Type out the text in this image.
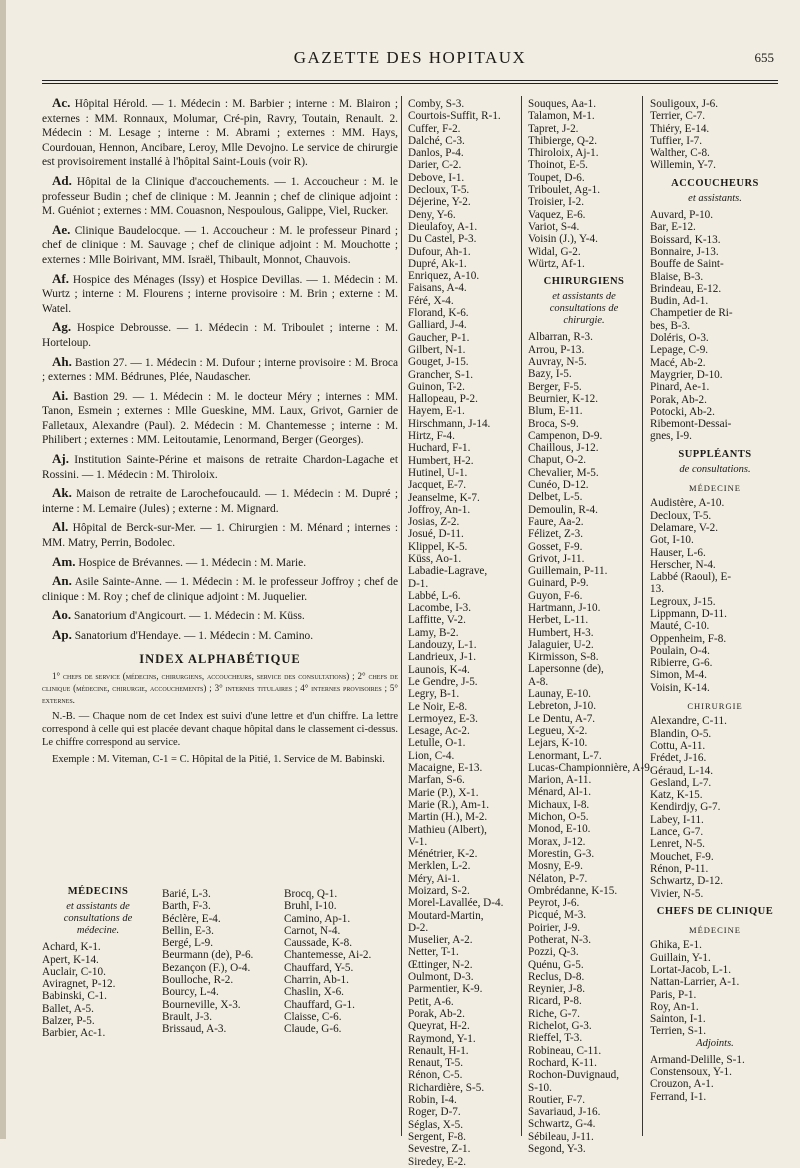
GAZETTE DES HOPITAUX	655

Ac. Hôpital Hérold. — 1. Médecin : M. Barbier ; interne : M. Blairon ; externes : MM. Ronnaux, Molumar, Cré-pin, Ravry, Toutain, Renault. 2. Médecin : M. Lesage ; interne : M. Abrami ; externes : MM. Hays, Courdouan, Hennon, Ancibare, Leroy, Mlle Devojno. Le service de chirurgie est provisoirement installé à l'hôpital Saint-Louis (voir R).

Ad. Hôpital de la Clinique d'accouchements. — 1. Accoucheur : M. le professeur Budin ; chef de clinique : M. Jeannin ; chef de clinique adjoint : M. Guéniot ; externes : MM. Couasnon, Nespoulous, Galippe, Viel, Rucker.

Ae. Clinique Baudelocque. — 1. Accoucheur : M. le professeur Pinard ; chef de clinique : M. Sauvage ; chef de clinique adjoint : M. Mouchotte ; externes : Mlle Boirivant, MM. Israël, Thibault, Monnot, Chauvois.

Af. Hospice des Ménages (Issy) et Hospice Devillas. — 1. Médecin : M. Wurtz ; interne : M. Flourens ; interne provisoire : M. Brin ; externe : M. Watel.

Ag. Hospice Debrousse. — 1. Médecin : M. Triboulet ; interne : M. Horteloup.

Ah. Bastion 27. — 1. Médecin : M. Dufour ; interne provisoire : M. Broca ; externes : MM. Bédrunes, Plée, Naudascher.

Ai. Bastion 29. — 1. Médecin : M. le docteur Méry ; internes : MM. Tanon, Esmein ; externes : Mlle Gueskine, MM. Laux, Grivot, Garnier de Falletaux, Alexandre (Paul). 2. Médecin : M. Chantemesse ; interne : M. Philibert ; externes : MM. Leitoutamie, Lenormand, Berger (Georges).

Aj. Institution Sainte-Périne et maisons de retraite Chardon-Lagache et Rossini. — 1. Médecin : M. Thiroloix.

Ak. Maison de retraite de Larochefoucauld. — 1. Médecin : M. Dupré ; interne : M. Lemaire (Jules) ; externe : M. Mignard.

Al. Hôpital de Berck-sur-Mer. — 1. Chirurgien : M. Ménard ; internes : MM. Matry, Perrin, Bodolec.

Am. Hospice de Brévannes. — 1. Médecin : M. Marie.

An. Asile Sainte-Anne. — 1. Médecin : M. le professeur Joffroy ; chef de clinique : M. Roy ; chef de clinique adjoint : M. Juquelier.

Ao. Sanatorium d'Angicourt. — 1. Médecin : M. Küss.

Ap. Sanatorium d'Hendaye. — 1. Médecin : M. Camino.

INDEX ALPHABÉTIQUE

1° chefs de service (médecins, chirurgiens, accoucheurs, service des consultations) ; 2° chefs de clinique (médecine, chirurgie, accouchements) ; 3° internes titulaires ; 4° internes provisoires ; 5° externes.

N.-B. — Chaque nom de cet Index est suivi d'une lettre et d'un chiffre. La lettre correspond à celle qui est placée devant chaque hôpital dans le classement ci-dessus. Le chiffre correspond au service.

Exemple : M. Viteman, C-1 = C. Hôpital de la Pitié, 1. Service de M. Babinski.

MÉDECINS
et assistants de consultations de médecine.
Achard, K-1.
Apert, K-14.
Auclair, C-10.
Aviragnet, P-12.
Babinski, C-1.
Ballet, A-5.
Balzer, P-5.
Barbier, Ac-1.
Barié, L-3.
Barth, F-3.
Béclère, E-4.
Bellin, E-3.
Bergé, L-9.
Beurmann (de), P-6.
Bezançon (F.), O-4.
Boulloche, R-2.
Bourcy, L-4.
Bourneville, X-3.
Brault, J-3.
Brissaud, A-3.
Brocq, Q-1.
Bruhl, I-10.
Camino, Ap-1.
Carnot, N-4.
Caussade, K-8.
Chantemesse, Ai-2.
Chauffard, Y-5.
Charrin, Ab-1.
Chaslin, X-6.
Chauffard, G-1.
Claisse, C-6.
Claude, G-6.
Comby, S-3.
Courtois-Suffit, R-1.
Cuffer, F-2.
Dalché, C-3.
Danlos, P-4.
Darier, C-2.
Debove, I-1.
Decloux, T-5.
Déjerine, Y-2.
Deny, Y-6.
Dieulafoy, A-1.
Du Castel, P-3.
Dufour, Ah-1.
Dupré, Ak-1.
Enriquez, A-10.
Faisans, A-4.
Féré, X-4.
Florand, K-6.
Galliard, J-4.
Gaucher, P-1.
Gilbert, N-1.
Gouget, J-15.
Grancher, S-1.
Guinon, T-2.
Hallopeau, P-2.
Hayem, E-1.
Hirschmann, J-14.
Hirtz, F-4.
Huchard, F-1.
Humbert, H-2.
Hutinel, U-1.
Jacquet, E-7.
Jeanselme, K-7.
Joffroy, An-1.
Josias, Z-2.
Josué, D-11.
Klippel, K-5.
Küss, Ao-1.
Labadie-Lagrave,
D-1.
Labbé, L-6.
Lacombe, I-3.
Laffitte, V-2.
Lamy, B-2.
Landouzy, L-1.
Landrieux, J-1.
Launois, K-4.
Le Gendre, J-5.
Legry, B-1.
Le Noir, E-8.
Lermoyez, E-3.
Lesage, Ac-2.
Letulle, O-1.
Lion, C-4.
Macaigne, E-13.
Marfan, S-6.
Marie (P.), X-1.
Marie (R.), Am-1.
Martin (H.), M-2.
Mathieu (Albert),
V-1.
Ménétrier, K-2.
Merklen, L-2.
Méry, Ai-1.
Moizard, S-2.
Morel-Lavallée, D-4.
Moutard-Martin,
D-2.
Muselier, A-2.
Netter, T-1.
Œttinger, N-2.
Oulmont, D-3.
Parmentier, K-9.
Petit, A-6.
Porak, Ab-2.
Queyrat, H-2.
Raymond, Y-1.
Renault, H-1.
Renaut, T-5.
Rénon, C-5.
Richardière, S-5.
Robin, I-4.
Roger, D-7.
Séglas, X-5.
Sergent, F-8.
Sevestre, Z-1.
Siredey, E-2.
Souques, Aa-1.
Talamon, M-1.
Tapret, J-2.
Thibierge, Q-2.
Thiroloix, Aj-1.
Thoinot, E-5.
Toupet, D-6.
Triboulet, Ag-1.
Troisier, I-2.
Vaquez, E-6.
Variot, S-4.
Voisin (J.), Y-4.
Widal, G-2.
Würtz, Af-1.
CHIRURGIENS
et assistants de consultations de chirurgie.
Albarran, R-3.
Arrou, P-13.
Auvray, N-5.
Bazy, I-5.
Berger, F-5.
Beurnier, K-12.
Blum, E-11.
Broca, S-9.
Campenon, D-9.
Chaillous, J-12.
Chaput, O-2.
Chevalier, M-5.
Cunéo, D-12.
Delbet, L-5.
Demoulin, R-4.
Faure, Aa-2.
Félizet, Z-3.
Gosset, F-9.
Grivot, J-11.
Guillemain, P-11.
Guinard, P-9.
Guyon, F-6.
Hartmann, J-10.
Herbet, L-11.
Humbert, H-3.
Jalaguier, U-2.
Kirmisson, S-8.
Lapersonne (de),
A-8.
Launay, E-10.
Lebreton, J-10.
Le Dentu, A-7.
Legueu, X-2.
Lejars, K-10.
Lenormant, L-7.
Lucas-Championnière, A-9.
Marion, A-11.
Ménard, Al-1.
Michaux, I-8.
Michon, O-5.
Monod, E-10.
Morax, J-12.
Morestin, G-3.
Mosny, E-9.
Nélaton, P-7.
Ombrédanne, K-15.
Peyrot, J-6.
Picqué, M-3.
Poirier, J-9.
Potherat, N-3.
Pozzi, Q-3.
Quénu, G-5.
Reclus, D-8.
Reynier, J-8.
Ricard, P-8.
Riche, G-7.
Richelot, G-3.
Rieffel, T-3.
Robineau, C-11.
Rochard, K-11.
Rochon-Duvignaud,
S-10.
Routier, F-7.
Savariaud, J-16.
Schwartz, G-4.
Sébileau, J-11.
Segond, Y-3.
Souligoux, J-6.
Terrier, C-7.
Thiéry, E-14.
Tuffier, I-7.
Walther, C-8.
Willemin, Y-7.
ACCOUCHEURS
et assistants.
Auvard, P-10.
Bar, E-12.
Boissard, K-13.
Bonnaire, J-13.
Bouffe de Saint-
Blaise, B-3.
Brindeau, E-12.
Budin, Ad-1.
Champetier de Ri-
bes, B-3.
Doléris, O-3.
Lepage, C-9.
Macé, Ab-2.
Maygrier, D-10.
Pinard, Ae-1.
Porak, Ab-2.
Potocki, Ab-2.
Ribemont-Dessai-
gnes, I-9.
SUPPLÉANTS
de consultations.
MÉDECINE
Audistère, A-10.
Decloux, T-5.
Delamare, V-2.
Got, I-10.
Hauser, L-6.
Herscher, N-4.
Labbé (Raoul), E-
13.
Legroux, J-15.
Lippmann, D-11.
Mauté, C-10.
Oppenheim, F-8.
Poulain, O-4.
Ribierre, G-6.
Simon, M-4.
Voisin, K-14.
CHIRURGIE
Alexandre, C-11.
Blandin, O-5.
Cottu, A-11.
Frédet, J-16.
Géraud, L-14.
Gesland, L-7.
Katz, K-15.
Kendirdjy, G-7.
Labey, I-11.
Lance, G-7.
Lenret, N-5.
Mouchet, F-9.
Rénon, P-11.
Schwartz, D-12.
Vivier, N-5.
CHEFS DE CLINIQUE
MÉDECINE
Ghika, E-1.
Guillain, Y-1.
Lortat-Jacob, L-1.
Nattan-Larrier, A-1.
Paris, P-1.
Roy, An-1.
Sainton, I-1.
Terrien, S-1.
Adjoints.
Armand-Delille, S-1.
Constensoux, Y-1.
Crouzon, A-1.
Ferrand, I-1.
